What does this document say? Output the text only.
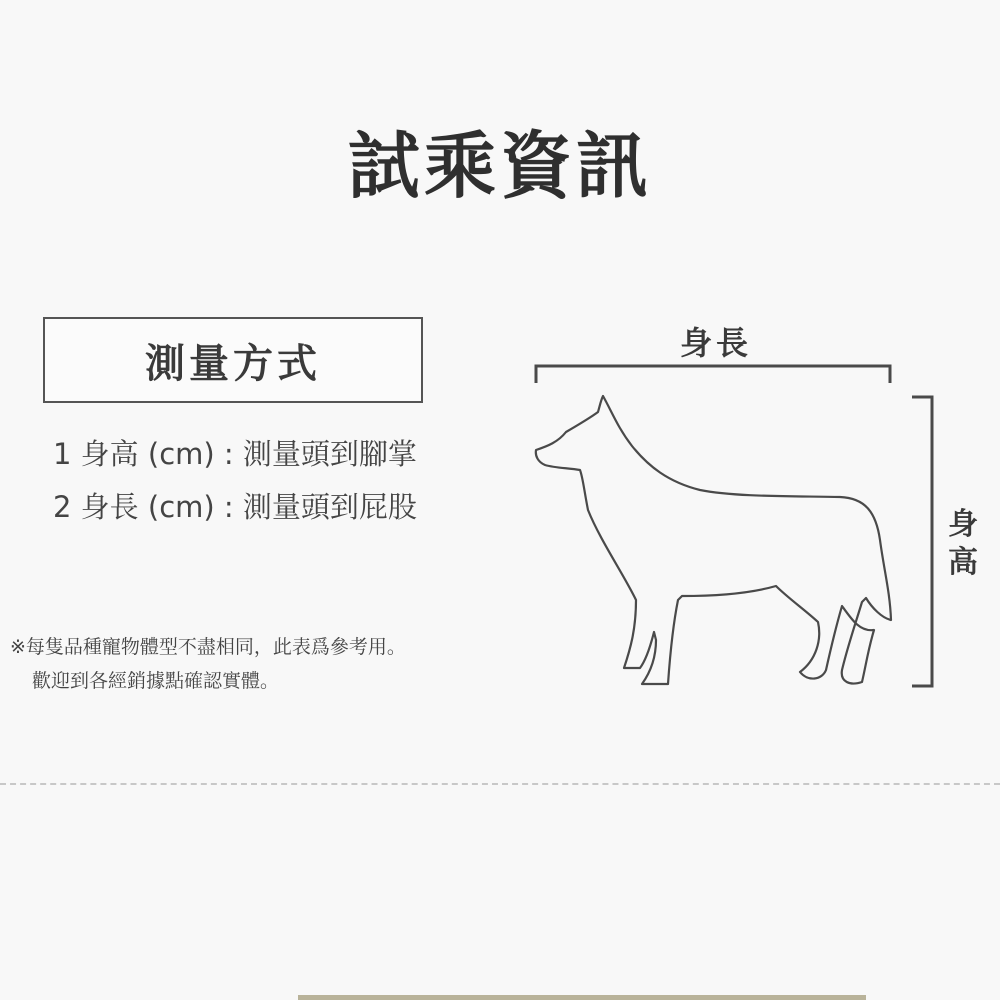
試乘資訊
測量方式
1 身高 (cm) : 測量頭到腳掌
2 身長 (cm) : 測量頭到屁股
※每隻品種寵物體型不盡相同，此表爲參考用。
歡迎到各經銷據點確認實體。
身長
身
高
